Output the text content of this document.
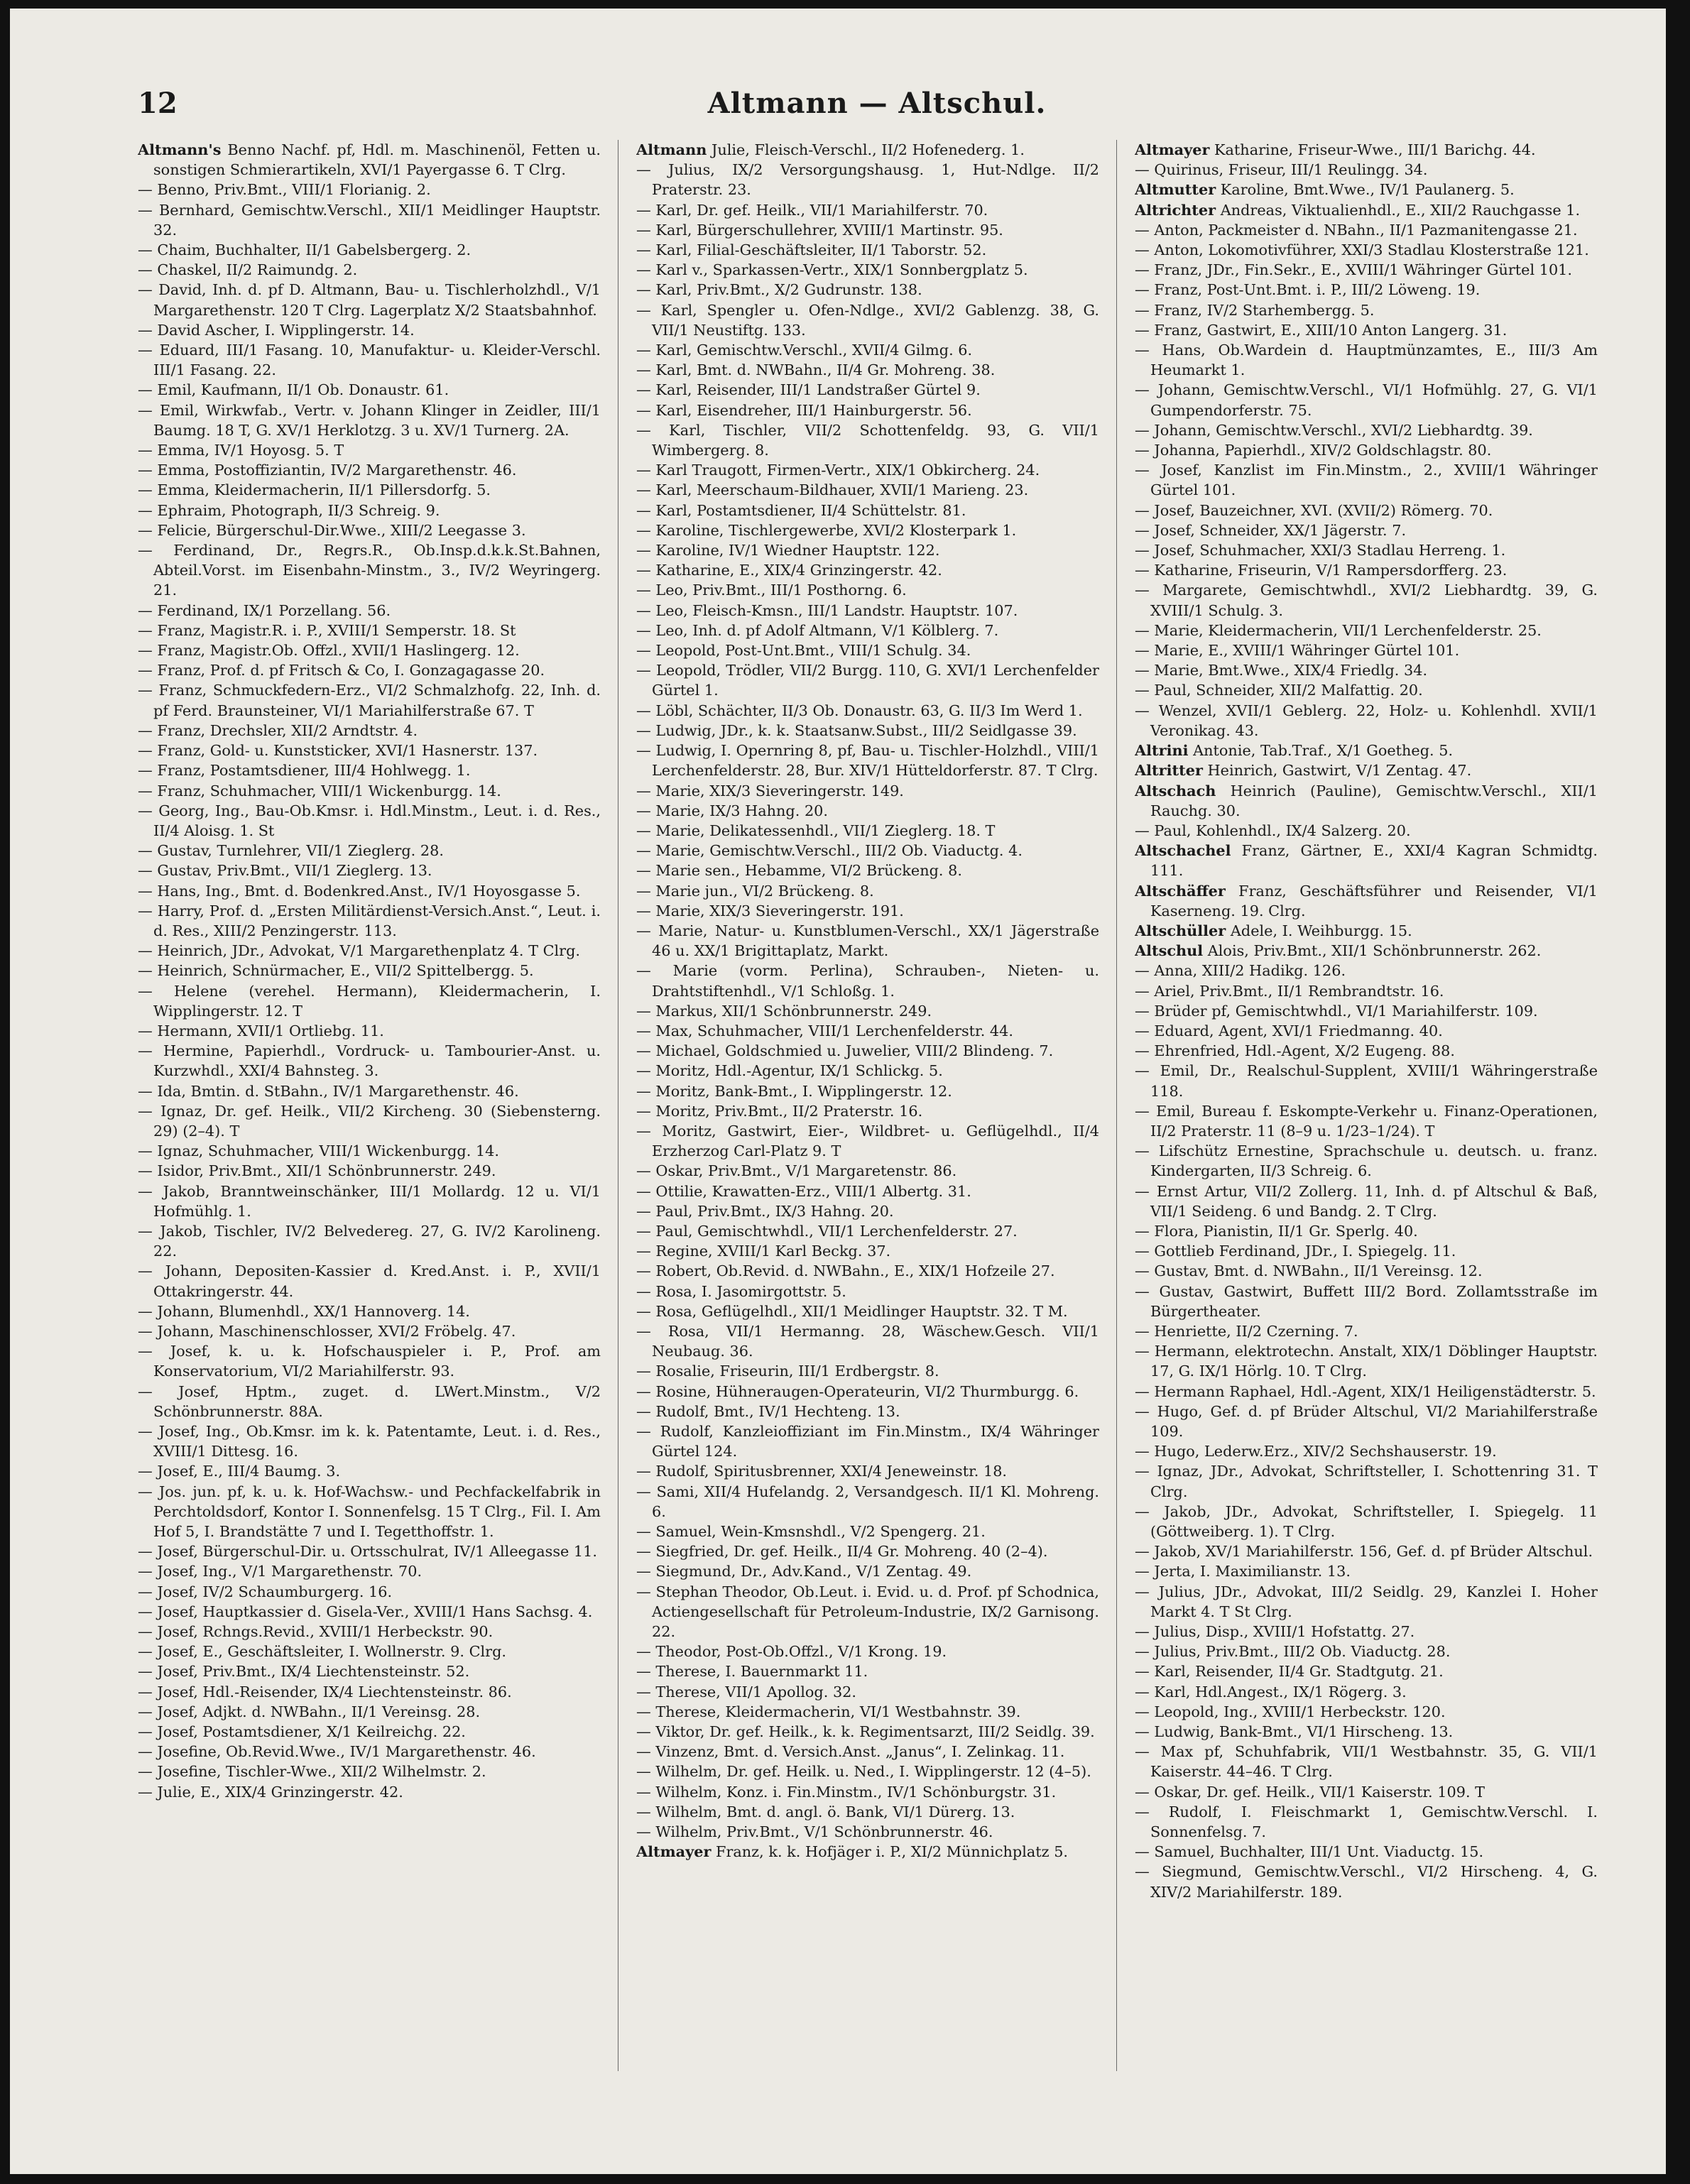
12	Altmann — Altschul.

Altmann's Benno Nachf. pf, Hdl. m. Maschinenöl, Fetten u. sonstigen Schmierartikeln, XVI/1 Payergasse 6. T Clrg.

— Benno, Priv.Bmt., VIII/1 Florianig. 2.

— Bernhard, Gemischtw.Verschl., XII/1 Meidlinger Hauptstr. 32.

— Chaim, Buchhalter, II/1 Gabelsbergerg. 2.

— Chaskel, II/2 Raimundg. 2.

— David, Inh. d. pf D. Altmann, Bau- u. Tischlerholzhdl., V/1 Margarethenstr. 120 T Clrg. Lagerplatz X/2 Staatsbahnhof.

— David Ascher, I. Wipplingerstr. 14.

— Eduard, III/1 Fasang. 10, Manufaktur- u. Kleider-Verschl. III/1 Fasang. 22.

— Emil, Kaufmann, II/1 Ob. Donaustr. 61.

— Emil, Wirkwfab., Vertr. v. Johann Klinger in Zeidler, III/1 Baumg. 18 T, G. XV/1 Herklotzg. 3 u. XV/1 Turnerg. 2A.

— Emma, IV/1 Hoyosg. 5. T

— Emma, Postoffiziantin, IV/2 Margarethenstr. 46.

— Emma, Kleidermacherin, II/1 Pillersdorfg. 5.

— Ephraim, Photograph, II/3 Schreig. 9.

— Felicie, Bürgerschul-Dir.Wwe., XIII/2 Leegasse 3.

— Ferdinand, Dr., Regrs.R., Ob.Insp.d.k.k.St.Bahnen, Abteil.Vorst. im Eisenbahn-Minstm., 3., IV/2 Weyringerg. 21.

— Ferdinand, IX/1 Porzellang. 56.

— Franz, Magistr.R. i. P., XVIII/1 Semperstr. 18. St

— Franz, Magistr.Ob. Offzl., XVII/1 Haslingerg. 12.

— Franz, Prof. d. pf Fritsch & Co, I. Gonzagagasse 20.

— Franz, Schmuckfedern-Erz., VI/2 Schmalzhofg. 22, Inh. d. pf Ferd. Braunsteiner, VI/1 Mariahilferstraße 67. T

— Franz, Drechsler, XII/2 Arndtstr. 4.

— Franz, Gold- u. Kunststicker, XVI/1 Hasnerstr. 137.

— Franz, Postamtsdiener, III/4 Hohlwegg. 1.

— Franz, Schuhmacher, VIII/1 Wickenburgg. 14.

— Georg, Ing., Bau-Ob.Kmsr. i. Hdl.Minstm., Leut. i. d. Res., II/4 Aloisg. 1. St

— Gustav, Turnlehrer, VII/1 Zieglerg. 28.

— Gustav, Priv.Bmt., VII/1 Zieglerg. 13.

— Hans, Ing., Bmt. d. Bodenkred.Anst., IV/1 Hoyosgasse 5.

— Harry, Prof. d. „Ersten Militärdienst-Versich.Anst.“, Leut. i. d. Res., XIII/2 Penzingerstr. 113.

— Heinrich, JDr., Advokat, V/1 Margarethenplatz 4. T Clrg.

— Heinrich, Schnürmacher, E., VII/2 Spittelbergg. 5.

— Helene (verehel. Hermann), Kleidermacherin, I. Wipplingerstr. 12. T

— Hermann, XVII/1 Ortliebg. 11.

— Hermine, Papierhdl., Vordruck- u. Tambourier-Anst. u. Kurzwhdl., XXI/4 Bahnsteg. 3.

— Ida, Bmtin. d. StBahn., IV/1 Margarethenstr. 46.

— Ignaz, Dr. gef. Heilk., VII/2 Kircheng. 30 (Siebensterng. 29) (2–4). T

— Ignaz, Schuhmacher, VIII/1 Wickenburgg. 14.

— Isidor, Priv.Bmt., XII/1 Schönbrunnerstr. 249.

— Jakob, Branntweinschänker, III/1 Mollardg. 12 u. VI/1 Hofmühlg. 1.

— Jakob, Tischler, IV/2 Belvedereg. 27, G. IV/2 Karolineng. 22.

— Johann, Depositen-Kassier d. Kred.Anst. i. P., XVII/1 Ottakringerstr. 44.

— Johann, Blumenhdl., XX/1 Hannoverg. 14.

— Johann, Maschinenschlosser, XVI/2 Fröbelg. 47.

— Josef, k. u. k. Hofschauspieler i. P., Prof. am Konservatorium, VI/2 Mariahilferstr. 93.

— Josef, Hptm., zuget. d. LWert.Minstm., V/2 Schönbrunnerstr. 88A.

— Josef, Ing., Ob.Kmsr. im k. k. Patentamte, Leut. i. d. Res., XVIII/1 Dittesg. 16.

— Josef, E., III/4 Baumg. 3.

— Jos. jun. pf, k. u. k. Hof-Wachsw.- und Pechfackelfabrik in Perchtoldsdorf, Kontor I. Sonnenfelsg. 15 T Clrg., Fil. I. Am Hof 5, I. Brandstätte 7 und I. Tegetthoffstr. 1.

— Josef, Bürgerschul-Dir. u. Ortsschulrat, IV/1 Alleegasse 11.

— Josef, Ing., V/1 Margarethenstr. 70.

— Josef, IV/2 Schaumburgerg. 16.

— Josef, Hauptkassier d. Gisela-Ver., XVIII/1 Hans Sachsg. 4.

— Josef, Rchngs.Revid., XVIII/1 Herbeckstr. 90.

— Josef, E., Geschäftsleiter, I. Wollnerstr. 9. Clrg.

— Josef, Priv.Bmt., IX/4 Liechtensteinstr. 52.

— Josef, Hdl.-Reisender, IX/4 Liechtensteinstr. 86.

— Josef, Adjkt. d. NWBahn., II/1 Vereinsg. 28.

— Josef, Postamtsdiener, X/1 Keilreichg. 22.

— Josefine, Ob.Revid.Wwe., IV/1 Margarethenstr. 46.

— Josefine, Tischler-Wwe., XII/2 Wilhelmstr. 2.

— Julie, E., XIX/4 Grinzingerstr. 42.

Altmann Julie, Fleisch-Verschl., II/2 Hofenederg. 1.

— Julius, IX/2 Versorgungshausg. 1, Hut-Ndlge. II/2 Praterstr. 23.

— Karl, Dr. gef. Heilk., VII/1 Mariahilferstr. 70.

— Karl, Bürgerschullehrer, XVIII/1 Martinstr. 95.

— Karl, Filial-Geschäftsleiter, II/1 Taborstr. 52.

— Karl v., Sparkassen-Vertr., XIX/1 Sonnbergplatz 5.

— Karl, Priv.Bmt., X/2 Gudrunstr. 138.

— Karl, Spengler u. Ofen-Ndlge., XVI/2 Gablenzg. 38, G. VII/1 Neustiftg. 133.

— Karl, Gemischtw.Verschl., XVII/4 Gilmg. 6.

— Karl, Bmt. d. NWBahn., II/4 Gr. Mohreng. 38.

— Karl, Reisender, III/1 Landstraßer Gürtel 9.

— Karl, Eisendreher, III/1 Hainburgerstr. 56.

— Karl, Tischler, VII/2 Schottenfeldg. 93, G. VII/1 Wimbergerg. 8.

— Karl Traugott, Firmen-Vertr., XIX/1 Obkircherg. 24.

— Karl, Meerschaum-Bildhauer, XVII/1 Marieng. 23.

— Karl, Postamtsdiener, II/4 Schüttelstr. 81.

— Karoline, Tischlergewerbe, XVI/2 Klosterpark 1.

— Karoline, IV/1 Wiedner Hauptstr. 122.

— Katharine, E., XIX/4 Grinzingerstr. 42.

— Leo, Priv.Bmt., III/1 Posthorng. 6.

— Leo, Fleisch-Kmsn., III/1 Landstr. Hauptstr. 107.

— Leo, Inh. d. pf Adolf Altmann, V/1 Kölblerg. 7.

— Leopold, Post-Unt.Bmt., VIII/1 Schulg. 34.

— Leopold, Trödler, VII/2 Burgg. 110, G. XVI/1 Lerchenfelder Gürtel 1.

— Löbl, Schächter, II/3 Ob. Donaustr. 63, G. II/3 Im Werd 1.

— Ludwig, JDr., k. k. Staatsanw.Subst., III/2 Seidlgasse 39.

— Ludwig, I. Opernring 8, pf, Bau- u. Tischler-Holzhdl., VIII/1 Lerchenfelderstr. 28, Bur. XIV/1 Hütteldorferstr. 87. T Clrg.

— Marie, XIX/3 Sieveringerstr. 149.

— Marie, IX/3 Hahng. 20.

— Marie, Delikatessenhdl., VII/1 Zieglerg. 18. T

— Marie, Gemischtw.Verschl., III/2 Ob. Viaductg. 4.

— Marie sen., Hebamme, VI/2 Brückeng. 8.

— Marie jun., VI/2 Brückeng. 8.

— Marie, XIX/3 Sieveringerstr. 191.

— Marie, Natur- u. Kunstblumen-Verschl., XX/1 Jägerstraße 46 u. XX/1 Brigittaplatz, Markt.

— Marie (vorm. Perlina), Schrauben-, Nieten- u. Drahtstiftenhdl., V/1 Schloßg. 1.

— Markus, XII/1 Schönbrunnerstr. 249.

— Max, Schuhmacher, VIII/1 Lerchenfelderstr. 44.

— Michael, Goldschmied u. Juwelier, VIII/2 Blindeng. 7.

— Moritz, Hdl.-Agentur, IX/1 Schlickg. 5.

— Moritz, Bank-Bmt., I. Wipplingerstr. 12.

— Moritz, Priv.Bmt., II/2 Praterstr. 16.

— Moritz, Gastwirt, Eier-, Wildbret- u. Geflügelhdl., II/4 Erzherzog Carl-Platz 9. T

— Oskar, Priv.Bmt., V/1 Margaretenstr. 86.

— Ottilie, Krawatten-Erz., VIII/1 Albertg. 31.

— Paul, Priv.Bmt., IX/3 Hahng. 20.

— Paul, Gemischtwhdl., VII/1 Lerchenfelderstr. 27.

— Regine, XVIII/1 Karl Beckg. 37.

— Robert, Ob.Revid. d. NWBahn., E., XIX/1 Hofzeile 27.

— Rosa, I. Jasomirgottstr. 5.

— Rosa, Geflügelhdl., XII/1 Meidlinger Hauptstr. 32. T M.

— Rosa, VII/1 Hermanng. 28, Wäschew.Gesch. VII/1 Neubaug. 36.

— Rosalie, Friseurin, III/1 Erdbergstr. 8.

— Rosine, Hühneraugen-Operateurin, VI/2 Thurmburgg. 6.

— Rudolf, Bmt., IV/1 Hechteng. 13.

— Rudolf, Kanzleioffiziant im Fin.Minstm., IX/4 Währinger Gürtel 124.

— Rudolf, Spiritusbrenner, XXI/4 Jeneweinstr. 18.

— Sami, XII/4 Hufelandg. 2, Versandgesch. II/1 Kl. Mohreng. 6.

— Samuel, Wein-Kmsnshdl., V/2 Spengerg. 21.

— Siegfried, Dr. gef. Heilk., II/4 Gr. Mohreng. 40 (2–4).

— Siegmund, Dr., Adv.Kand., V/1 Zentag. 49.

— Stephan Theodor, Ob.Leut. i. Evid. u. d. Prof. pf Schodnica, Actiengesellschaft für Petroleum-Industrie, IX/2 Garnisong. 22.

— Theodor, Post-Ob.Offzl., V/1 Krong. 19.

— Therese, I. Bauernmarkt 11.

— Therese, VII/1 Apollog. 32.

— Therese, Kleidermacherin, VI/1 Westbahnstr. 39.

— Viktor, Dr. gef. Heilk., k. k. Regimentsarzt, III/2 Seidlg. 39.

— Vinzenz, Bmt. d. Versich.Anst. „Janus“, I. Zelinkag. 11.

— Wilhelm, Dr. gef. Heilk. u. Ned., I. Wipplingerstr. 12 (4–5).

— Wilhelm, Konz. i. Fin.Minstm., IV/1 Schönburgstr. 31.

— Wilhelm, Bmt. d. angl. ö. Bank, VI/1 Dürerg. 13.

— Wilhelm, Priv.Bmt., V/1 Schönbrunnerstr. 46.

Altmayer Franz, k. k. Hofjäger i. P., XI/2 Münnichplatz 5.

Altmayer Katharine, Friseur-Wwe., III/1 Barichg. 44.

— Quirinus, Friseur, III/1 Reulingg. 34.

Altmutter Karoline, Bmt.Wwe., IV/1 Paulanerg. 5.

Altrichter Andreas, Viktualienhdl., E., XII/2 Rauchgasse 1.

— Anton, Packmeister d. NBahn., II/1 Pazmanitengasse 21.

— Anton, Lokomotivführer, XXI/3 Stadlau Klosterstraße 121.

— Franz, JDr., Fin.Sekr., E., XVIII/1 Währinger Gürtel 101.

— Franz, Post-Unt.Bmt. i. P., III/2 Löweng. 19.

— Franz, IV/2 Starhembergg. 5.

— Franz, Gastwirt, E., XIII/10 Anton Langerg. 31.

— Hans, Ob.Wardein d. Hauptmünzamtes, E., III/3 Am Heumarkt 1.

— Johann, Gemischtw.Verschl., VI/1 Hofmühlg. 27, G. VI/1 Gumpendorferstr. 75.

— Johann, Gemischtw.Verschl., XVI/2 Liebhardtg. 39.

— Johanna, Papierhdl., XIV/2 Goldschlagstr. 80.

— Josef, Kanzlist im Fin.Minstm., 2., XVIII/1 Währinger Gürtel 101.

— Josef, Bauzeichner, XVI. (XVII/2) Römerg. 70.

— Josef, Schneider, XX/1 Jägerstr. 7.

— Josef, Schuhmacher, XXI/3 Stadlau Herreng. 1.

— Katharine, Friseurin, V/1 Rampersdorfferg. 23.

— Margarete, Gemischtwhdl., XVI/2 Liebhardtg. 39, G. XVIII/1 Schulg. 3.

— Marie, Kleidermacherin, VII/1 Lerchenfelderstr. 25.

— Marie, E., XVIII/1 Währinger Gürtel 101.

— Marie, Bmt.Wwe., XIX/4 Friedlg. 34.

— Paul, Schneider, XII/2 Malfattig. 20.

— Wenzel, XVII/1 Geblerg. 22, Holz- u. Kohlenhdl. XVII/1 Veronikag. 43.

Altrini Antonie, Tab.Traf., X/1 Goetheg. 5.

Altritter Heinrich, Gastwirt, V/1 Zentag. 47.

Altschach Heinrich (Pauline), Gemischtw.Verschl., XII/1 Rauchg. 30.

— Paul, Kohlenhdl., IX/4 Salzerg. 20.

Altschachel Franz, Gärtner, E., XXI/4 Kagran Schmidtg. 111.

Altschäffer Franz, Geschäftsführer und Reisender, VI/1 Kaserneng. 19. Clrg.

Altschüller Adele, I. Weihburgg. 15.

Altschul Alois, Priv.Bmt., XII/1 Schönbrunnerstr. 262.

— Anna, XIII/2 Hadikg. 126.

— Ariel, Priv.Bmt., II/1 Rembrandtstr. 16.

— Brüder pf, Gemischtwhdl., VI/1 Mariahilferstr. 109.

— Eduard, Agent, XVI/1 Friedmanng. 40.

— Ehrenfried, Hdl.-Agent, X/2 Eugeng. 88.

— Emil, Dr., Realschul-Supplent, XVIII/1 Währingerstraße 118.

— Emil, Bureau f. Eskompte-Verkehr u. Finanz-Operationen, II/2 Praterstr. 11 (8–9 u. 1/23–1/24). T

— Lifschütz Ernestine, Sprachschule u. deutsch. u. franz. Kindergarten, II/3 Schreig. 6.

— Ernst Artur, VII/2 Zollerg. 11, Inh. d. pf Altschul & Baß, VII/1 Seideng. 6 und Bandg. 2. T Clrg.

— Flora, Pianistin, II/1 Gr. Sperlg. 40.

— Gottlieb Ferdinand, JDr., I. Spiegelg. 11.

— Gustav, Bmt. d. NWBahn., II/1 Vereinsg. 12.

— Gustav, Gastwirt, Buffett III/2 Bord. Zollamtsstraße im Bürgertheater.

— Henriette, II/2 Czerning. 7.

— Hermann, elektrotechn. Anstalt, XIX/1 Döblinger Hauptstr. 17, G. IX/1 Hörlg. 10. T Clrg.

— Hermann Raphael, Hdl.-Agent, XIX/1 Heiligenstädterstr. 5.

— Hugo, Gef. d. pf Brüder Altschul, VI/2 Mariahilferstraße 109.

— Hugo, Lederw.Erz., XIV/2 Sechshauserstr. 19.

— Ignaz, JDr., Advokat, Schriftsteller, I. Schottenring 31. T Clrg.

— Jakob, JDr., Advokat, Schriftsteller, I. Spiegelg. 11 (Göttweiberg. 1). T Clrg.

— Jakob, XV/1 Mariahilferstr. 156, Gef. d. pf Brüder Altschul.

— Jerta, I. Maximilianstr. 13.

— Julius, JDr., Advokat, III/2 Seidlg. 29, Kanzlei I. Hoher Markt 4. T St Clrg.

— Julius, Disp., XVIII/1 Hofstattg. 27.

— Julius, Priv.Bmt., III/2 Ob. Viaductg. 28.

— Karl, Reisender, II/4 Gr. Stadtgutg. 21.

— Karl, Hdl.Angest., IX/1 Rögerg. 3.

— Leopold, Ing., XVIII/1 Herbeckstr. 120.

— Ludwig, Bank-Bmt., VI/1 Hirscheng. 13.

— Max pf, Schuhfabrik, VII/1 Westbahnstr. 35, G. VII/1 Kaiserstr. 44–46. T Clrg.

— Oskar, Dr. gef. Heilk., VII/1 Kaiserstr. 109. T

— Rudolf, I. Fleischmarkt 1, Gemischtw.Verschl. I. Sonnenfelsg. 7.

— Samuel, Buchhalter, III/1 Unt. Viaductg. 15.

— Siegmund, Gemischtw.Verschl., VI/2 Hirscheng. 4, G. XIV/2 Mariahilferstr. 189.
